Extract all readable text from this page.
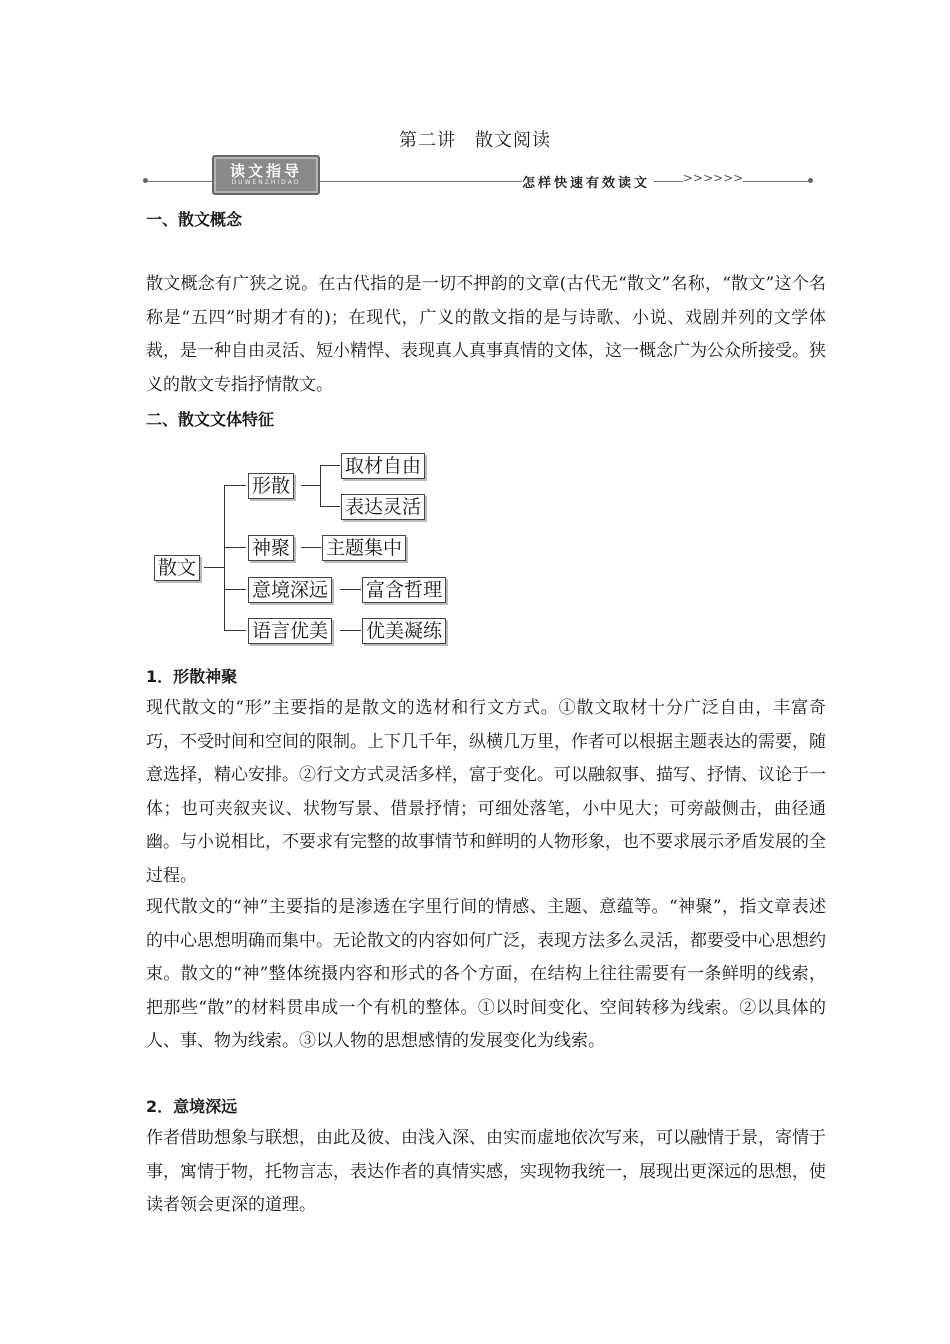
第二讲　散文阅读
读文指导
DUWENZHIDAO	怎样快速有效读文	>>>>>>
一、散文概念
散文概念有广狭之说。在古代指的是一切不押韵的文章(古代无“散文”名称，“散文”这个名称是“五四”时期才有的)；在现代，广义的散文指的是与诗歌、小说、戏剧并列的文学体裁，是一种自由灵活、短小精悍、表现真人真事真情的文体，这一概念广为公众所接受。狭义的散文专指抒情散文。
二、散文文体特征
散文
形散
取材自由
表达灵活
神聚 主题集中
意境深远 富含哲理
语言优美 优美凝练
1．形散神聚
现代散文的“形”主要指的是散文的选材和行文方式。①散文取材十分广泛自由，丰富奇巧，不受时间和空间的限制。上下几千年，纵横几万里，作者可以根据主题表达的需要，随意选择，精心安排。②行文方式灵活多样，富于变化。可以融叙事、描写、抒情、议论于一体；也可夹叙夹议、状物写景、借景抒情；可细处落笔，小中见大；可旁敲侧击，曲径通幽。与小说相比，不要求有完整的故事情节和鲜明的人物形象，也不要求展示矛盾发展的全过程。
现代散文的“神”主要指的是渗透在字里行间的情感、主题、意蕴等。“神聚”，指文章表述的中心思想明确而集中。无论散文的内容如何广泛，表现方法多么灵活，都要受中心思想约束。散文的“神”整体统摄内容和形式的各个方面，在结构上往往需要有一条鲜明的线索，把那些“散”的材料贯串成一个有机的整体。①以时间变化、空间转移为线索。②以具体的人、事、物为线索。③以人物的思想感情的发展变化为线索。
2．意境深远
作者借助想象与联想，由此及彼、由浅入深、由实而虚地依次写来，可以融情于景，寄情于事，寓情于物，托物言志，表达作者的真情实感，实现物我统一，展现出更深远的思想，使读者领会更深的道理。
